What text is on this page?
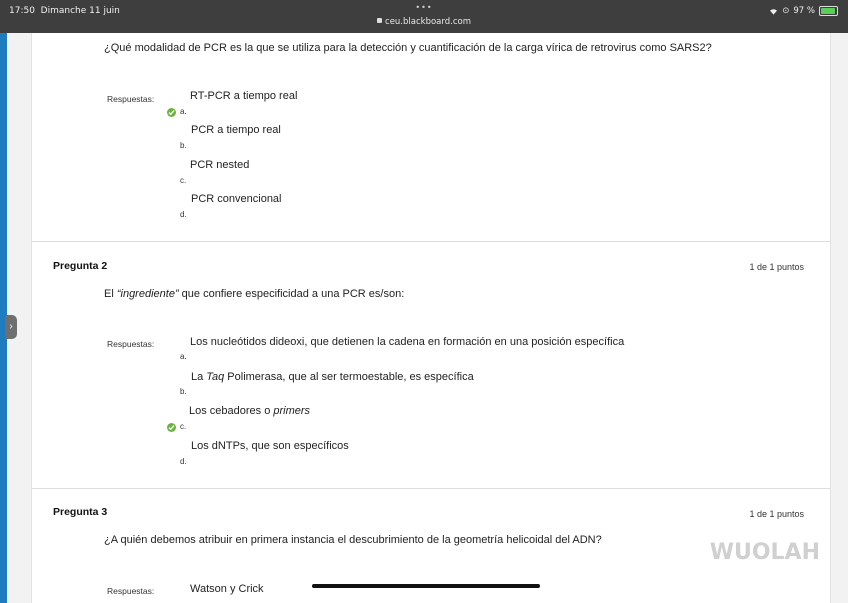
17:50 Dimanche 11 juin	•••
ceu.blackboard.com
⊙ 97 %
›
¿Qué modalidad de PCR es la que se utiliza para la detección y cuantificación de la carga vírica de retrovirus como SARS2?
Respuestas:	RT-PCR a tiempo real
a.
PCR a tiempo real
b.
PCR nested
c.
PCR convencional
d.
Pregunta 2	1 de 1 puntos
El “ingrediente” que confiere especificidad a una PCR es/son:
Respuestas:	Los nucleótidos dideoxi, que detienen la cadena en formación en una posición específica
a.
La Taq Polimerasa, que al ser termoestable, es específica
b.
Los cebadores o primers
c.
Los dNTPs, que son específicos
d.
Pregunta 3	1 de 1 puntos
¿A quién debemos atribuir en primera instancia el descubrimiento de la geometría helicoidal del ADN?
Respuestas:	Watson y Crick
WUOLAH
